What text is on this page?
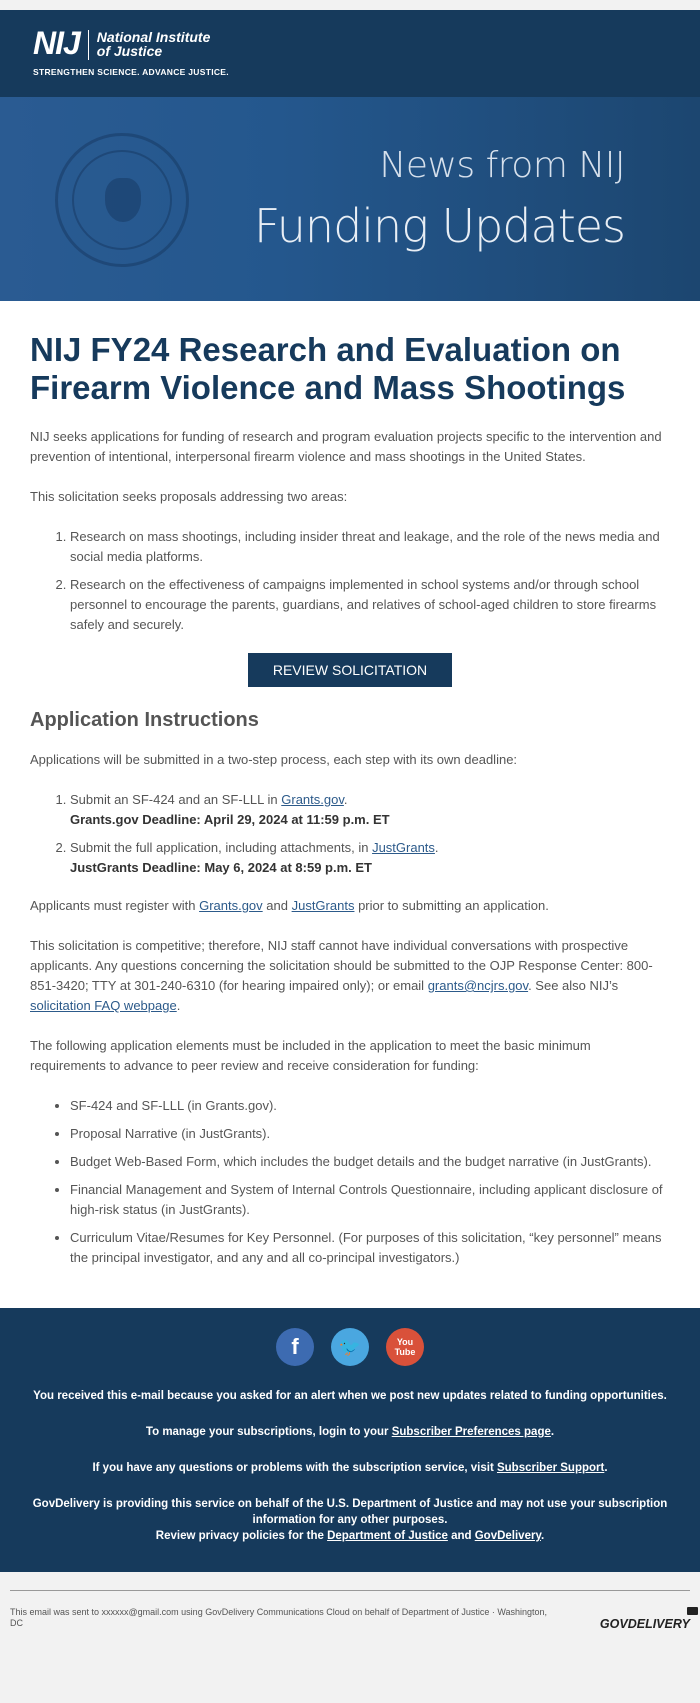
NIJ National Institute
of Justice
STRENGTHEN SCIENCE. ADVANCE JUSTICE.
News from NIJ
Funding Updates
NIJ FY24 Research and Evaluation on Firearm Violence and Mass Shootings

NIJ seeks applications for funding of research and program evaluation projects specific to the intervention and prevention of intentional, interpersonal firearm violence and mass shootings in the United States.

This solicitation seeks proposals addressing two areas:

1. Research on mass shootings, including insider threat and leakage, and the role of the news media and social media platforms.
2. Research on the effectiveness of campaigns implemented in school systems and/or through school personnel to encourage the parents, guardians, and relatives of school-aged children to store firearms safely and securely.
REVIEW SOLICITATION
Application Instructions

Applications will be submitted in a two-step process, each step with its own deadline:

1. Submit an SF-424 and an SF-LLL in Grants.gov.
Grants.gov Deadline: April 29, 2024 at 11:59 p.m. ET
2. Submit the full application, including attachments, in JustGrants.
JustGrants Deadline: May 6, 2024 at 8:59 p.m. ET

Applicants must register with Grants.gov and JustGrants prior to submitting an application.

This solicitation is competitive; therefore, NIJ staff cannot have individual conversations with prospective applicants. Any questions concerning the solicitation should be submitted to the OJP Response Center: 800-851-3420; TTY at 301-240-6310 (for hearing impaired only); or email grants@ncjrs.gov. See also NIJ’s solicitation FAQ webpage.

The following application elements must be included in the application to meet the basic minimum requirements to advance to peer review and receive consideration for funding:

• SF-424 and SF-LLL (in Grants.gov).
• Proposal Narrative (in JustGrants).
• Budget Web-Based Form, which includes the budget details and the budget narrative (in JustGrants).
• Financial Management and System of Internal Controls Questionnaire, including applicant disclosure of high-risk status (in JustGrants).
• Curriculum Vitae/Resumes for Key Personnel. (For purposes of this solicitation, “key personnel” means the principal investigator, and any and all co-principal investigators.)
f	🐦	You Tube

You received this e-mail because you asked for an alert when we post new updates related to funding opportunities.

To manage your subscriptions, login to your Subscriber Preferences page.

If you have any questions or problems with the subscription service, visit Subscriber Support.

GovDelivery is providing this service on behalf of the U.S. Department of Justice and may not use your subscription information for any other purposes.
Review privacy policies for the Department of Justice and GovDelivery.

This email was sent to xxxxxx@gmail.com using GovDelivery Communications Cloud on behalf of Department of Justice · Washington, DC	GOVDELIVERY
